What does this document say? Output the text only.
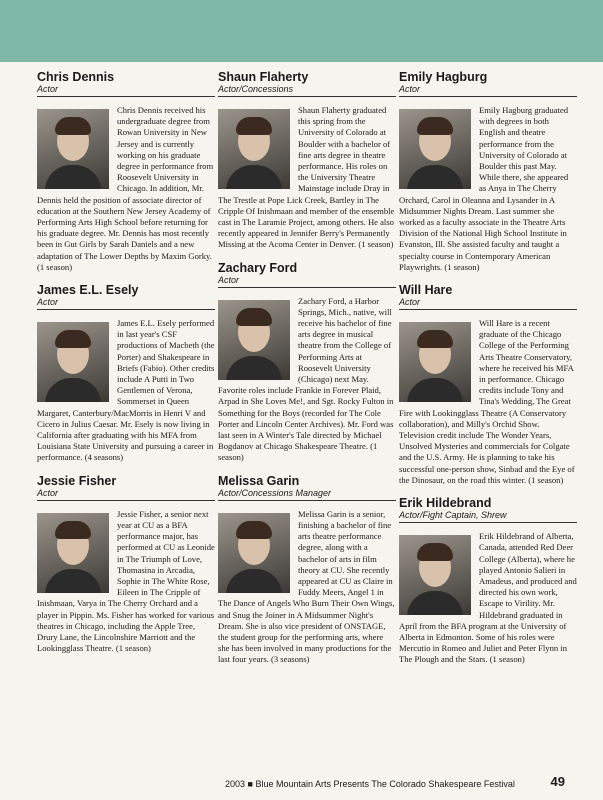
Chris Dennis
Actor
Chris Dennis received his undergraduate degree from Rowan University in New Jersey and is currently working on his graduate degree in performance from Roosevelt University in Chicago. In addition, Mr. Dennis held the position of associate director of education at the Southern New Jersey Academy of Performing Arts High School before returning for his graduate degree. Mr. Dennis has most recently been in Gut Girls by Sarah Daniels and a new adaptation of The Lower Depths by Maxim Gorky. (1 season)
James E.L. Esely
Actor
James E.L. Esely performed in last year's CSF productions of Macbeth (the Porter) and Shakespeare in Briefs (Fabio). Other credits include A Putti in Two Gentlemen of Verona, Sommerset in Queen Margaret, Canterbury/MacMorris in Henri V and Cicero in Julius Caesar. Mr. Esely is now living in California after graduating with his MFA from Louisiana State University and pursuing a career in performance. (4 seasons)
Jessie Fisher
Actor
Jessie Fisher, a senior next year at CU as a BFA performance major, has performed at CU as Leonide in The Triumph of Love, Thomasina in Arcadia, Sophie in The White Rose, Eileen in The Cripple of Inishmaan, Varya in The Cherry Orchard and a player in Pippin. Ms. Fisher has worked for various theatres in Chicago, including the Apple Tree, Drury Lane, the Lincolnshire Marriott and the Lookingglass Theatre. (1 season)
Shaun Flaherty
Actor/Concessions
Shaun Flaherty graduated this spring from the University of Colorado at Boulder with a bachelor of fine arts degree in theatre performance. His roles on the University Theatre Mainstage include Dray in The Trestle at Pope Lick Creek, Bartley in The Cripple Of Inishmaan and member of the ensemble cast in The Laramie Project, among others. He also recently appeared in Jennifer Berry's Permanently Missing at the Acoma Center in Denver. (1 season)
Zachary Ford
Actor
Zachary Ford, a Harbor Springs, Mich., native, will receive his bachelor of fine arts degree in musical theatre from the College of Performing Arts at Roosevelt University (Chicago) next May. Favorite roles include Frankie in Forever Plaid, Arpad in She Loves Me!, and Sgt. Rocky Fulton in Something for the Boys (recorded for The Cole Porter and Lincoln Center Archives). Mr. Ford was last seen in A Winter's Tale directed by Michael Bogdanov at Chicago Shakespeare Theatre. (1 season)
Melissa Garin
Actor/Concessions Manager
Melissa Garin is a senior, finishing a bachelor of fine arts theatre performance degree, along with a bachelor of arts in film theory at CU. She recently appeared at CU as Claire in Fuddy Meers, Angel 1 in The Dance of Angels Who Burn Their Own Wings, and Snug the Joiner in A Midsummer Night's Dream. She is also vice president of ONSTAGE, the student group for the performing arts, where she has been involved in many productions for the last four years. (3 seasons)
Emily Hagburg
Actor
Emily Hagburg graduated with degrees in both English and theatre performance from the University of Colorado at Boulder this past May. While there, she appeared as Anya in The Cherry Orchard, Carol in Oleanna and Lysander in A Midsummer Nights Dream. Last summer she worked as a faculty associate in the Theatre Arts Division of the National High School Institute in Evanston, Ill. She assisted faculty and taught a specialty course in Contemporary American Playwrights. (1 season)
Will Hare
Actor
Will Hare is a recent graduate of the Chicago College of the Performing Arts Theatre Conservatory, where he received his MFA in performance. Chicago credits include Tony and Tina's Wedding, The Great Fire with Lookingglass Theatre (A Conservatory collaboration), and Milly's Orchid Show. Television credit include The Wonder Years, Unsolved Mysteries and commercials for Colgate and the U.S. Army. He is planning to take his successful one-person show, Sinbad and the Eye of the Dinosaur, on the road this winter. (1 season)
Erik Hildebrand
Actor/Fight Captain, Shrew
Erik Hildebrand of Alberta, Canada, attended Red Deer College (Alberta), where he played Antonio Salieri in Amadeus, and produced and directed his own work, Escape to Virility. Mr. Hildebrand graduated in April from the BFA program at the University of Alberta in Edmonton. Some of his roles were Mercutio in Romeo and Juliet and Peter Flynn in The Plough and the Stars. (1 season)
2003 ■ Blue Mountain Arts Presents The Colorado Shakespeare Festival	49
